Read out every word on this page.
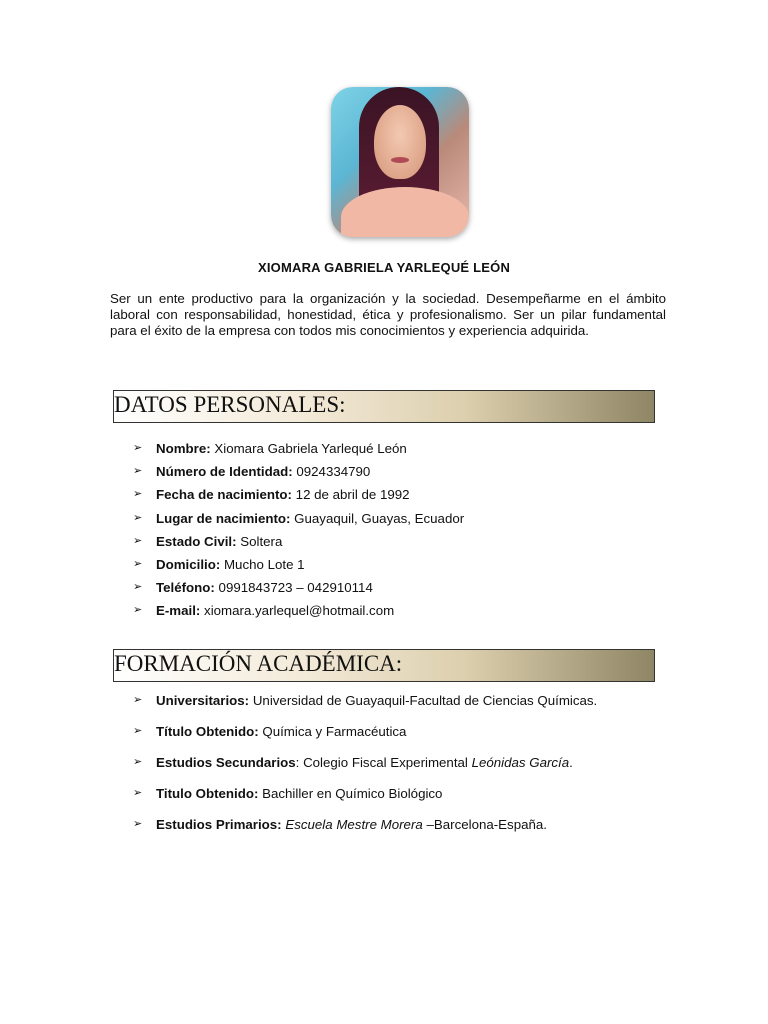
XIOMARA GABRIELA YARLEQUÉ LEÓN

Ser un ente productivo para la organización y la sociedad. Desempeñarme en el ámbito laboral con responsabilidad, honestidad, ética y profesionalismo. Ser un pilar fundamental para el éxito de la empresa con todos mis conocimientos y experiencia adquirida.

DATOS PERSONALES:
➢	Nombre: Xiomara Gabriela Yarlequé León
➢	Número de Identidad: 0924334790
➢	Fecha de nacimiento: 12 de abril de 1992
➢	Lugar de nacimiento: Guayaquil, Guayas, Ecuador
➢	Estado Civil: Soltera
➢	Domicilio: Mucho Lote 1
➢	Teléfono: 0991843723 – 042910114
➢	E-mail: xiomara.yarlequel@hotmail.com
FORMACIÓN ACADÉMICA:
➢	Universitarios: Universidad de Guayaquil-Facultad de Ciencias Químicas.
➢	Título Obtenido: Química y Farmacéutica
➢	Estudios Secundarios: Colegio Fiscal Experimental Leónidas García.
➢	Titulo Obtenido: Bachiller en Químico Biológico
➢	Estudios Primarios: Escuela Mestre Morera –Barcelona-España.
